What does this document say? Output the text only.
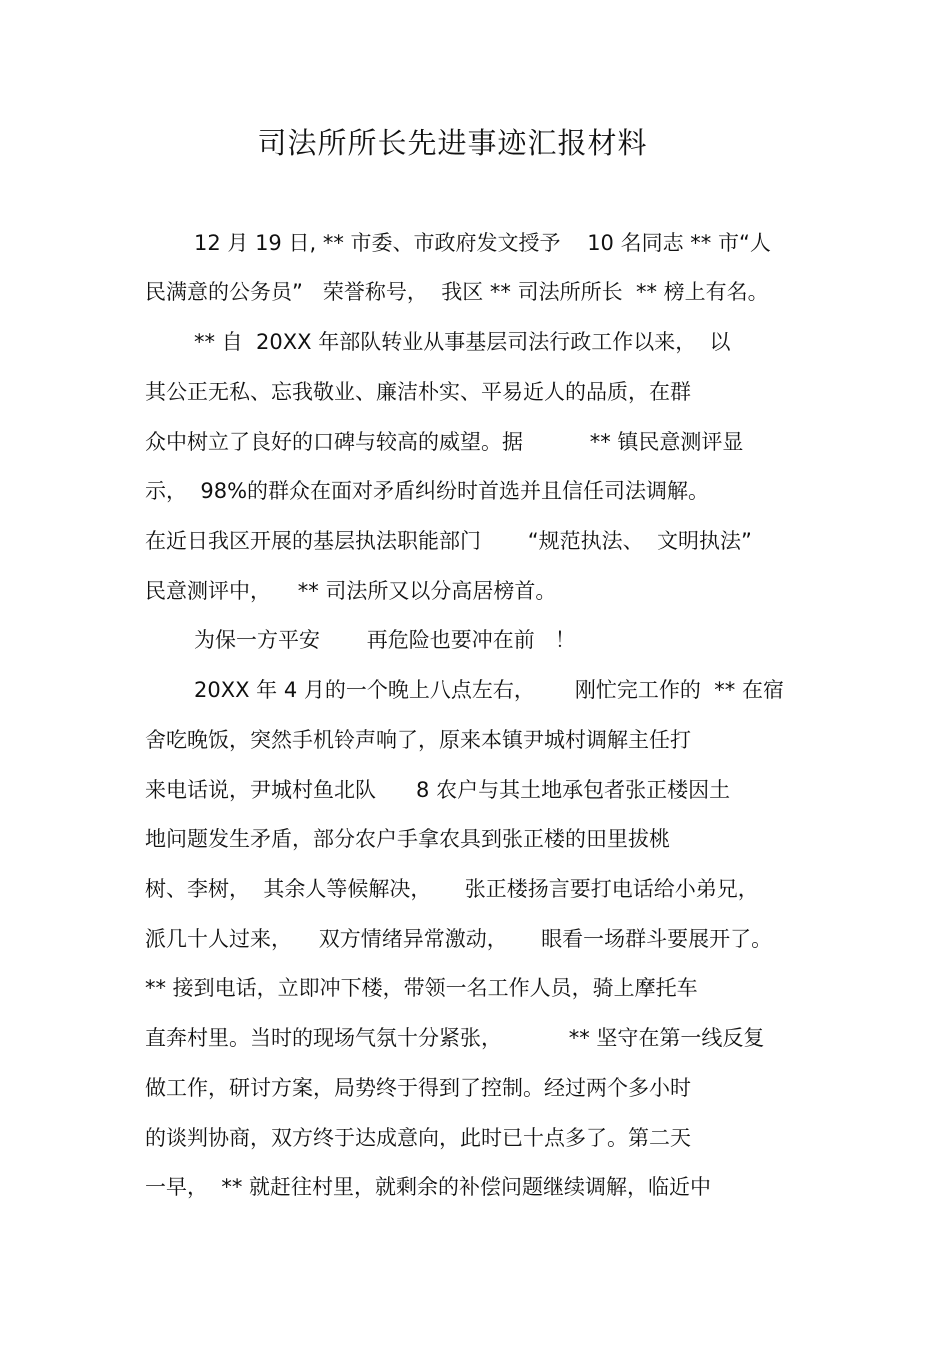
司法所所长先进事迹汇报材料
12 月 19 日, ** 市委、市政府发文授予    10 名同志 ** 市“人
民满意的公务员”   荣誉称号，  我区 ** 司法所所长  ** 榜上有名。
** 自  20XX 年部队转业从事基层司法行政工作以来，  以
其公正无私、忘我敬业、廉洁朴实、平易近人的品质，在群
众中树立了良好的口碑与较高的威望。据          ** 镇民意测评显
示，  98%的群众在面对矛盾纠纷时首选并且信任司法调解。
在近日我区开展的基层执法职能部门       “规范执法、  文明执法”
民意测评中，    ** 司法所又以分高居榜首。
为保一方平安       再危险也要冲在前   ！
20XX 年 4 月的一个晚上八点左右，      刚忙完工作的  ** 在宿
舍吃晚饭，突然手机铃声响了，原来本镇尹城村调解主任打
来电话说，尹城村鱼北队      8 农户与其土地承包者张正楼因土
地问题发生矛盾，部分农户手拿农具到张正楼的田里拔桃
树、李树，  其余人等候解决，     张正楼扬言要打电话给小弟兄，
派几十人过来，    双方情绪异常激动，     眼看一场群斗要展开了。
** 接到电话，立即冲下楼，带领一名工作人员，骑上摩托车
直奔村里。当时的现场气氛十分紧张，          ** 坚守在第一线反复
做工作，研讨方案，局势终于得到了控制。经过两个多小时
的谈判协商，双方终于达成意向，此时已十点多了。第二天
一早，  ** 就赶往村里，就剩余的补偿问题继续调解，临近中
